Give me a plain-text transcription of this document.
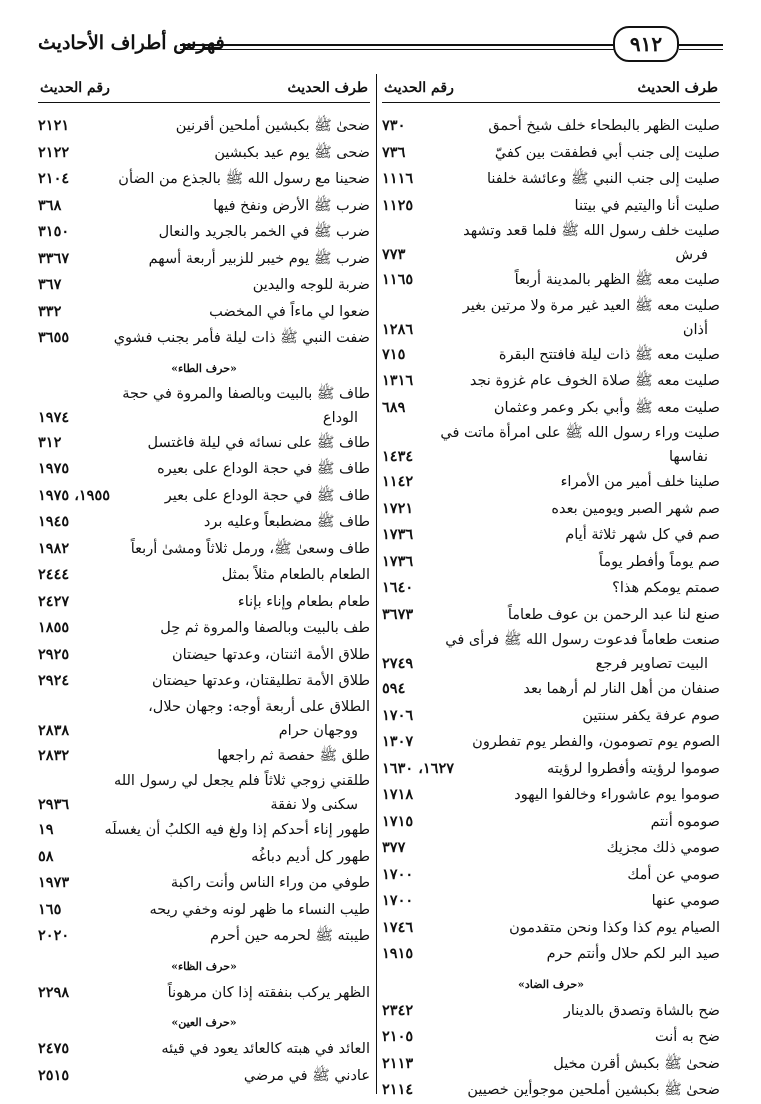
فهرس أطراف الأحاديث	٩١٢
طرف الحديث
رقم الحديث
صليت الظهر بالبطحاء خلف شيخ أحمق
٧٣٠
صليت إلى جنب أبي فطفقت بين كفيّ
٧٣٦
صليت إلى جنب النبي ﷺ وعائشة خلفنا
١١١٦
صليت أنا واليتيم في بيتنا
١١٢٥
صليت خلف رسول الله ﷺ فلما قعد وتشهد
فرش
٧٧٣
صليت معه ﷺ الظهر بالمدينة أربعاً
١١٦٥
صليت معه ﷺ العيد غير مرة ولا مرتين بغير
أذان
١٢٨٦
صليت معه ﷺ ذات ليلة فافتتح البقرة
٧١٥
صليت معه ﷺ صلاة الخوف عام غزوة نجد
١٣١٦
صليت معه ﷺ وأبي بكر وعمر وعثمان
٦٨٩
صليت وراء رسول الله ﷺ على امرأة ماتت في
نفاسها
١٤٣٤
صلينا خلف أمير من الأمراء
١١٤٢
صم شهر الصبر ويومين بعده
١٧٢١
صم في كل شهر ثلاثة أيام
١٧٣٦
صم يوماً وأفطر يوماً
١٧٣٦
صمتم يومكم هذا؟
١٦٤٠
صنع لنا عبد الرحمن بن عوف طعاماً
٣٦٧٣
صنعت طعاماً فدعوت رسول الله ﷺ فرأى في
البيت تصاوير فرجع
٢٧٤٩
صنفان من أهل النار لم أرهما بعد
٥٩٤
صوم عرفة يكفر سنتين
١٧٠٦
الصوم يوم تصومون، والفطر يوم تفطرون
١٣٠٧
صوموا لرؤيته وأفطروا لرؤيته
١٦٢٧، ١٦٣٠
صوموا يوم عاشوراء وخالفوا اليهود
١٧١٨
صوموه أنتم
١٧١٥
صومي ذلك مجزيك
٣٧٧
صومي عن أمك
١٧٠٠
صومي عنها
١٧٠٠
الصيام يوم كذا وكذا ونحن متقدمون
١٧٤٦
صيد البر لكم حلال وأنتم حرم
١٩١٥
«حرف الضاد»
ضح بالشاة وتصدق بالدينار
٢٣٤٢
ضح به أنت
٢١٠٥
ضحىٰ ﷺ بكبش أقرن مخيل
٢١١٣
ضحىٰ ﷺ بكبشين أملحين موجوأين خصيين
٢١١٤
طرف الحديث
رقم الحديث
ضحىٰ ﷺ بكبشين أملحين أقرنين
٢١٢١
ضحى ﷺ يوم عيد بكبشين
٢١٢٢
ضحينا مع رسول الله ﷺ بالجذع من الضأن
٢١٠٤
ضرب ﷺ الأرض ونفخ فيها
٣٦٨
ضرب ﷺ في الخمر بالجريد والنعال
٣١٥٠
ضرب ﷺ يوم خيبر للزبير أربعة أسهم
٣٣٦٧
ضربة للوجه واليدين
٣٦٧
ضعوا لي ماءاً في المخضب
٣٣٢
ضفت النبي ﷺ ذات ليلة فأمر بجنب فشوي
٣٦٥٥
«حرف الطاء»
طاف ﷺ بالبيت وبالصفا والمروة في حجة
الوداع
١٩٧٤
طاف ﷺ على نسائه في ليلة فاغتسل
٣١٢
طاف ﷺ في حجة الوداع على بعيره
١٩٧٥
طاف ﷺ في حجة الوداع على بعير
١٩٥٥، ١٩٧٥
طاف ﷺ مضطبعاً وعليه برد
١٩٤٥
طاف وسعىٰ ﷺ، ورمل ثلاثاً ومشىٰ أربعاً
١٩٨٢
الطعام بالطعام مثلاً بمثل
٢٤٤٤
طعام بطعام وإناء بإناء
٢٤٢٧
طف بالبيت وبالصفا والمروة ثم حِل
١٨٥٥
طلاق الأمة اثنتان، وعدتها حيضتان
٢٩٢٥
طلاق الأمة تطليقتان، وعدتها حيضتان
٢٩٢٤
الطلاق على أربعة أوجه: وجهان حلال،
ووجهان حرام
٢٨٣٨
طلق ﷺ حفصة ثم راجعها
٢٨٣٢
طلقني زوجي ثلاثاً فلم يجعل لي رسول الله
سكنى ولا نفقة
٢٩٣٦
طهور إناء أحدكم إذا ولغ فيه الكلبُ أن يغسلَه
١٩
طهور كل أديم دباغُه
٥٨
طوفي من وراء الناس وأنت راكبة
١٩٧٣
طيب النساء ما ظهر لونه وخفي ريحه
١٦٥
طيبته ﷺ لحرمه حين أحرم
٢٠٢٠
«حرف الظاء»
الظهر يركب بنفقته إذا كان مرهوناً
٢٢٩٨
«حرف العين»
العائد في هبته كالعائد يعود في قيئه
٢٤٧٥
عادني ﷺ في مرضي
٢٥١٥
